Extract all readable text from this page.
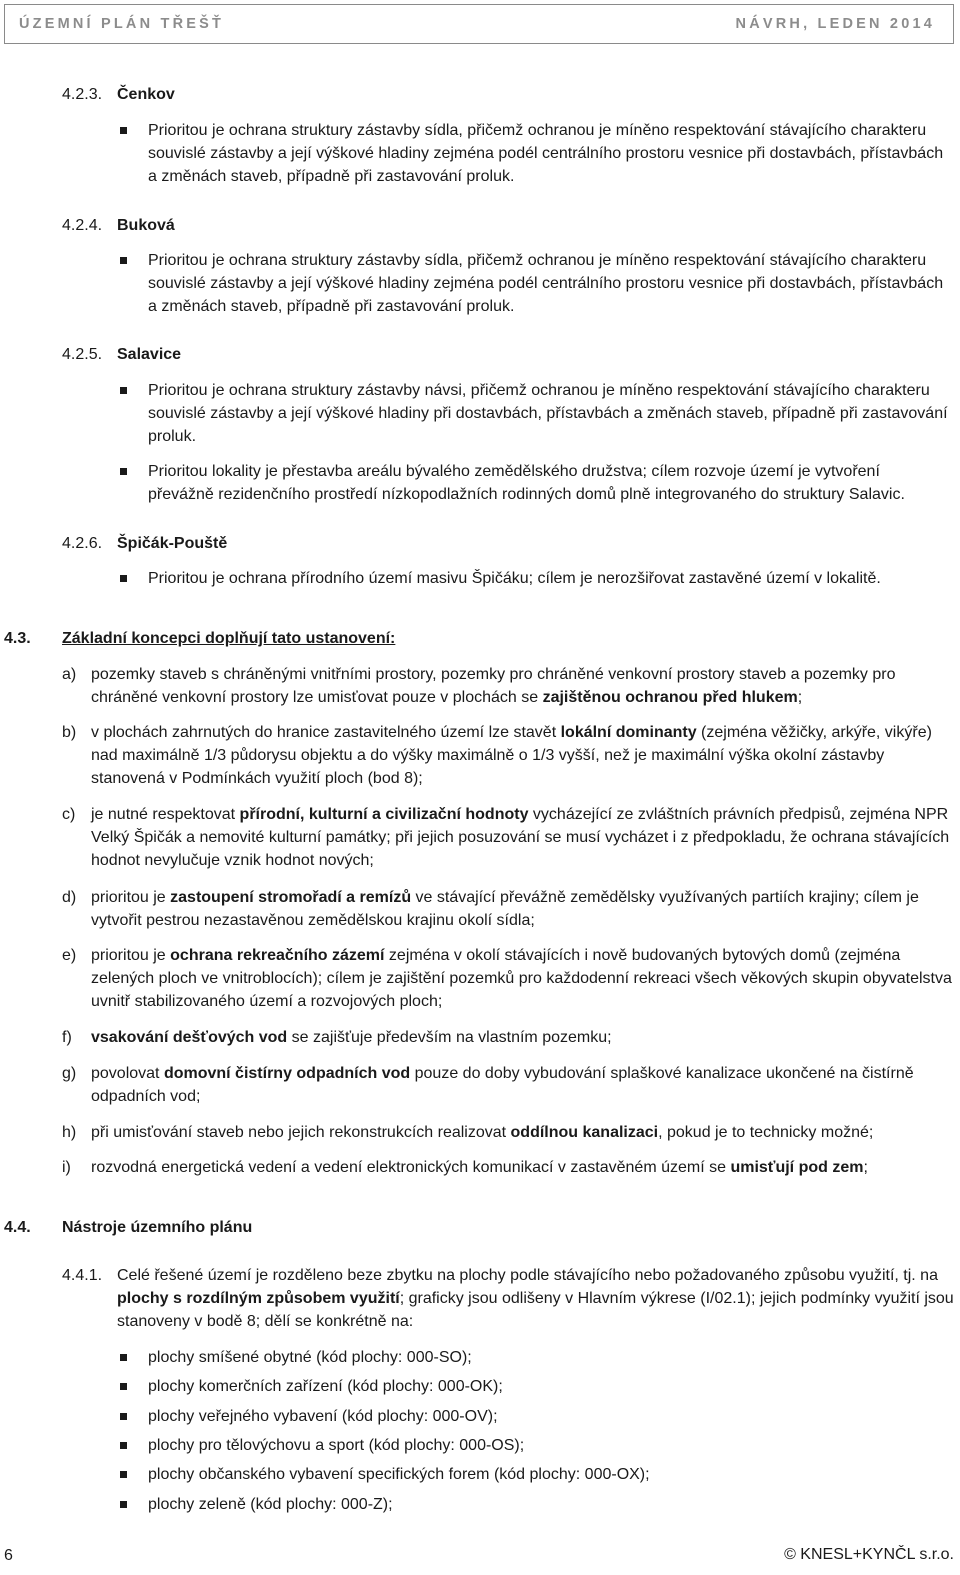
ÚZEMNÍ PLÁN TŘEŠŤ	NÁVRH, LEDEN 2014
4.2.3. Čenkov
Prioritou je ochrana struktury zástavby sídla, přičemž ochranou je míněno respektování stávajícího charakteru souvislé zástavby a její výškové hladiny zejména podél centrálního prostoru vesnice při dostavbách, přístavbách a změnách staveb, případně při zastavování proluk.
4.2.4. Buková
Prioritou je ochrana struktury zástavby sídla, přičemž ochranou je míněno respektování stávajícího charakteru souvislé zástavby a její výškové hladiny zejména podél centrálního prostoru vesnice při dostavbách, přístavbách a změnách staveb, případně při zastavování proluk.
4.2.5. Salavice
Prioritou je ochrana struktury zástavby návsi, přičemž ochranou je míněno respektování stávajícího charakteru souvislé zástavby a její výškové hladiny při dostavbách, přístavbách a změnách staveb, případně při zastavování proluk.
Prioritou lokality je přestavba areálu bývalého zemědělského družstva; cílem rozvoje území je vytvoření převážně rezidenčního prostředí nízkopodlažních rodinných domů plně integrovaného do struktury Salavic.
4.2.6. Špičák-Pouště
Prioritou je ochrana přírodního území masivu Špičáku; cílem je nerozšiřovat zastavěné území v lokalitě.
4.3. Základní koncepci doplňují tato ustanovení:
a) pozemky staveb s chráněnými vnitřními prostory, pozemky pro chráněné venkovní prostory staveb a pozemky pro chráněné venkovní prostory lze umisťovat pouze v plochách se zajištěnou ochranou před hlukem;
b) v plochách zahrnutých do hranice zastavitelného území lze stavět lokální dominanty (zejména věžičky, arkýře, vikýře) nad maximálně 1/3 půdorysu objektu a do výšky maximálně o 1/3 vyšší, než je maximální výška okolní zástavby stanovená v Podmínkách využití ploch (bod 8);
c) je nutné respektovat přírodní, kulturní a civilizační hodnoty vycházející ze zvláštních právních předpisů, zejména NPR Velký Špičák a nemovité kulturní památky; při jejich posuzování se musí vycházet i z předpokladu, že ochrana stávajících hodnot nevylučuje vznik hodnot nových;
d) prioritou je zastoupení stromořadí a remízů ve stávající převážně zemědělsky využívaných partiích krajiny; cílem je vytvořit pestrou nezastavěnou zemědělskou krajinu okolí sídla;
e) prioritou je ochrana rekreačního zázemí zejména v okolí stávajících i nově budovaných bytových domů (zejména zelených ploch ve vnitroblocích); cílem je zajištění pozemků pro každodenní rekreaci všech věkových skupin obyvatelstva uvnitř stabilizovaného území a rozvojových ploch;
f) vsakování dešťových vod se zajišťuje především na vlastním pozemku;
g) povolovat domovní čistírny odpadních vod pouze do doby vybudování splaškové kanalizace ukončené na čistírně odpadních vod;
h) při umisťování staveb nebo jejich rekonstrukcích realizovat oddílnou kanalizaci, pokud je to technicky možné;
i) rozvodná energetická vedení a vedení elektronických komunikací v zastavěném území se umisťují pod zem;
4.4. Nástroje územního plánu
4.4.1. Celé řešené území je rozděleno beze zbytku na plochy podle stávajícího nebo požadovaného způsobu využití, tj. na plochy s rozdílným způsobem využití; graficky jsou odlišeny v Hlavním výkrese (I/02.1); jejich podmínky využití jsou stanoveny v bodě 8; dělí se konkrétně na:
plochy smíšené obytné (kód plochy: 000-SO);
plochy komerčních zařízení (kód plochy: 000-OK);
plochy veřejného vybavení (kód plochy: 000-OV);
plochy pro tělovýchovu a sport (kód plochy: 000-OS);
plochy občanského vybavení specifických forem (kód plochy: 000-OX);
plochy zeleně (kód plochy: 000-Z);
6	© KNESL+KYNČL s.r.o.
